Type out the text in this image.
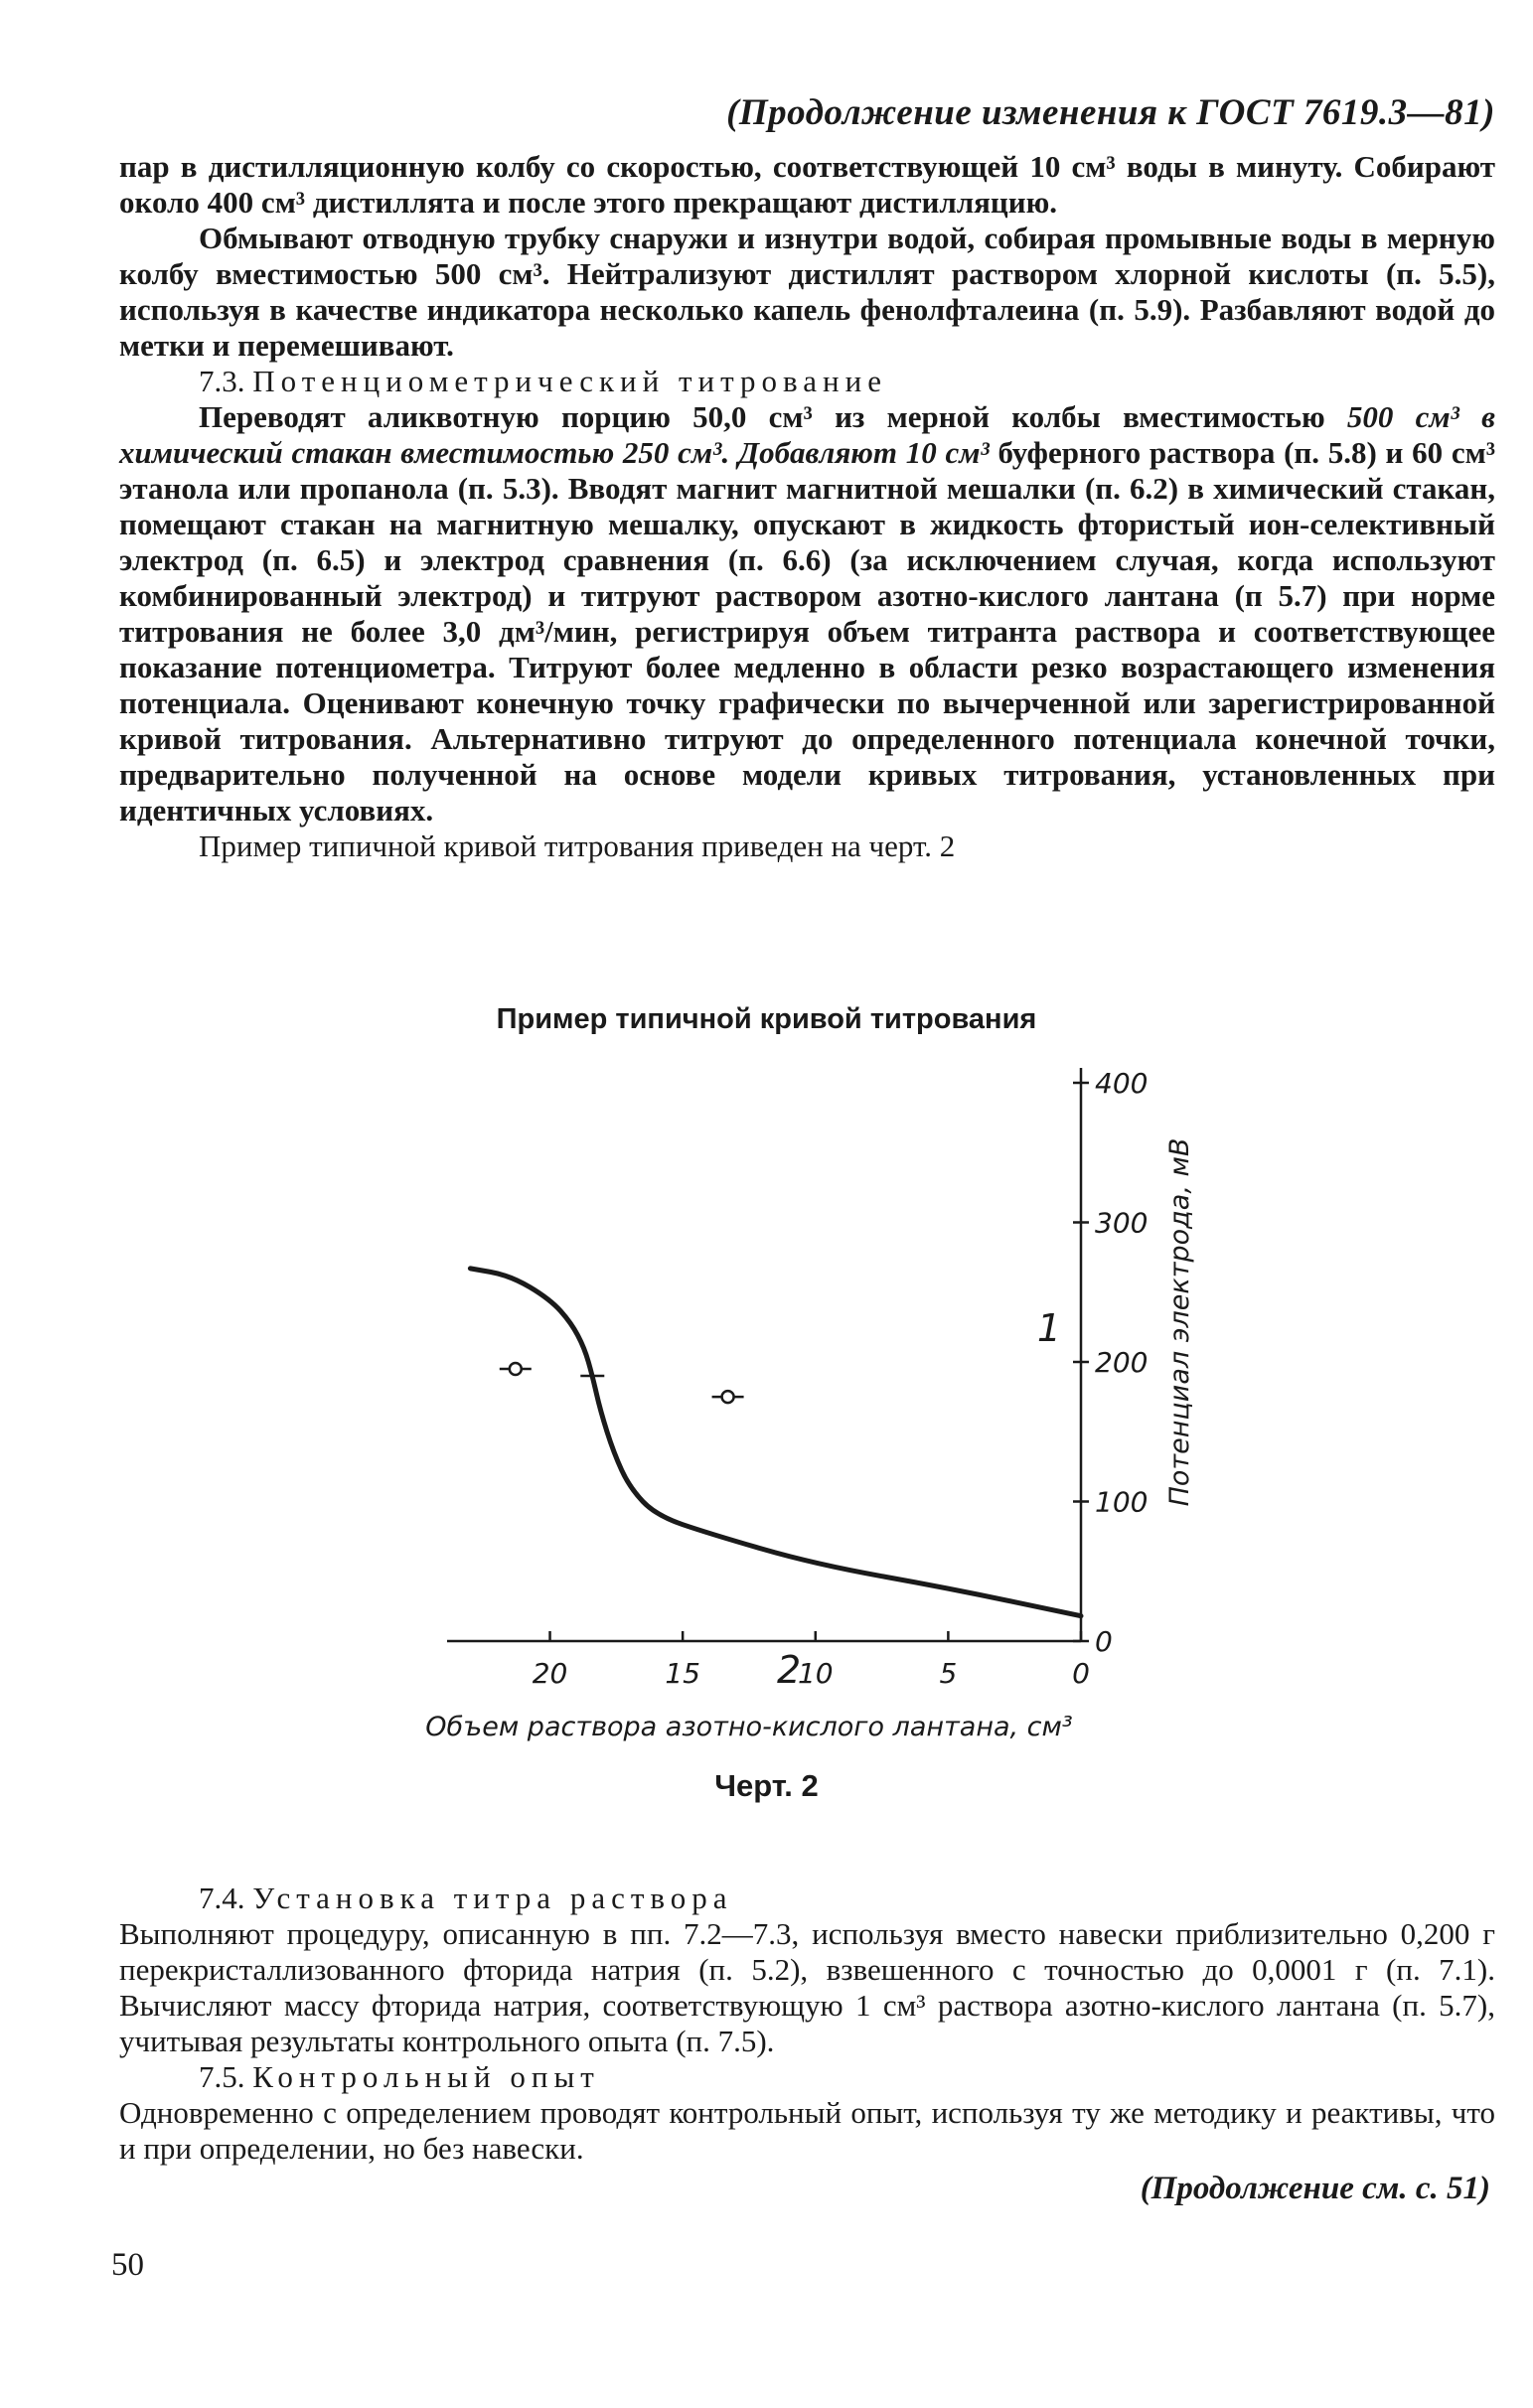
(Продолжение изменения к ГОСТ 7619.3—81)

пар в дистилляционную колбу со скоростью, соответствующей 10 см³ воды в минуту. Собирают около 400 см³ дистиллята и после этого прекращают дистилляцию.

Обмывают отводную трубку снаружи и изнутри водой, собирая промывные воды в мерную колбу вместимостью 500 см³. Нейтрализуют дистиллят раствором хлорной кислоты (п. 5.5), используя в качестве индикатора несколько капель фенолфталеина (п. 5.9). Разбавляют водой до метки и перемешивают.

7.3. Потенциометрический титрование

Переводят аликвотную порцию 50,0 см³ из мерной колбы вместимостью 500 см³ в химический стакан вместимостью 250 см³. Добавляют 10 см³ буферного раствора (п. 5.8) и 60 см³ этанола или пропанола (п. 5.3). Вводят магнит магнитной мешалки (п. 6.2) в химический стакан, помещают стакан на магнитную мешалку, опускают в жидкость фтористый ион-селективный электрод (п. 6.5) и электрод сравнения (п. 6.6) (за исключением случая, когда используют комбинированный электрод) и титруют раствором азотно-кислого лантана (п 5.7) при норме титрования не более 3,0 дм³/мин, регистрируя объем титранта раствора и соответствующее показание потенциометра. Титруют более медленно в области резко возрастающего изменения потенциала. Оценивают конечную точку графически по вычерченной или зарегистрированной кривой титрования. Альтернативно титруют до определенного потенциала конечной точки, предварительно полученной на основе модели кривых титрования, установленных при идентичных условиях.

Пример типичной кривой титрования приведен на черт. 2

Пример типичной кривой титрования
20	15	10	5	0
400
300
200
100
0
Объем раствора азотно-кислого лантана, см³
Потенциал электрода, мВ
1
2
Черт. 2

7.4. Установка титра раствора

Выполняют процедуру, описанную в пп. 7.2—7.3, используя вместо навески приблизительно 0,200 г перекристаллизованного фторида натрия (п. 5.2), взвешенного с точностью до 0,0001 г (п. 7.1). Вычисляют массу фторида натрия, соответствующую 1 см³ раствора азотно-кислого лантана (п. 5.7), учитывая результаты контрольного опыта (п. 7.5).

7.5. Контрольный опыт

Одновременно с определением проводят контрольный опыт, используя ту же методику и реактивы, что и при определении, но без навески.

(Продолжение см. с. 51)
50
